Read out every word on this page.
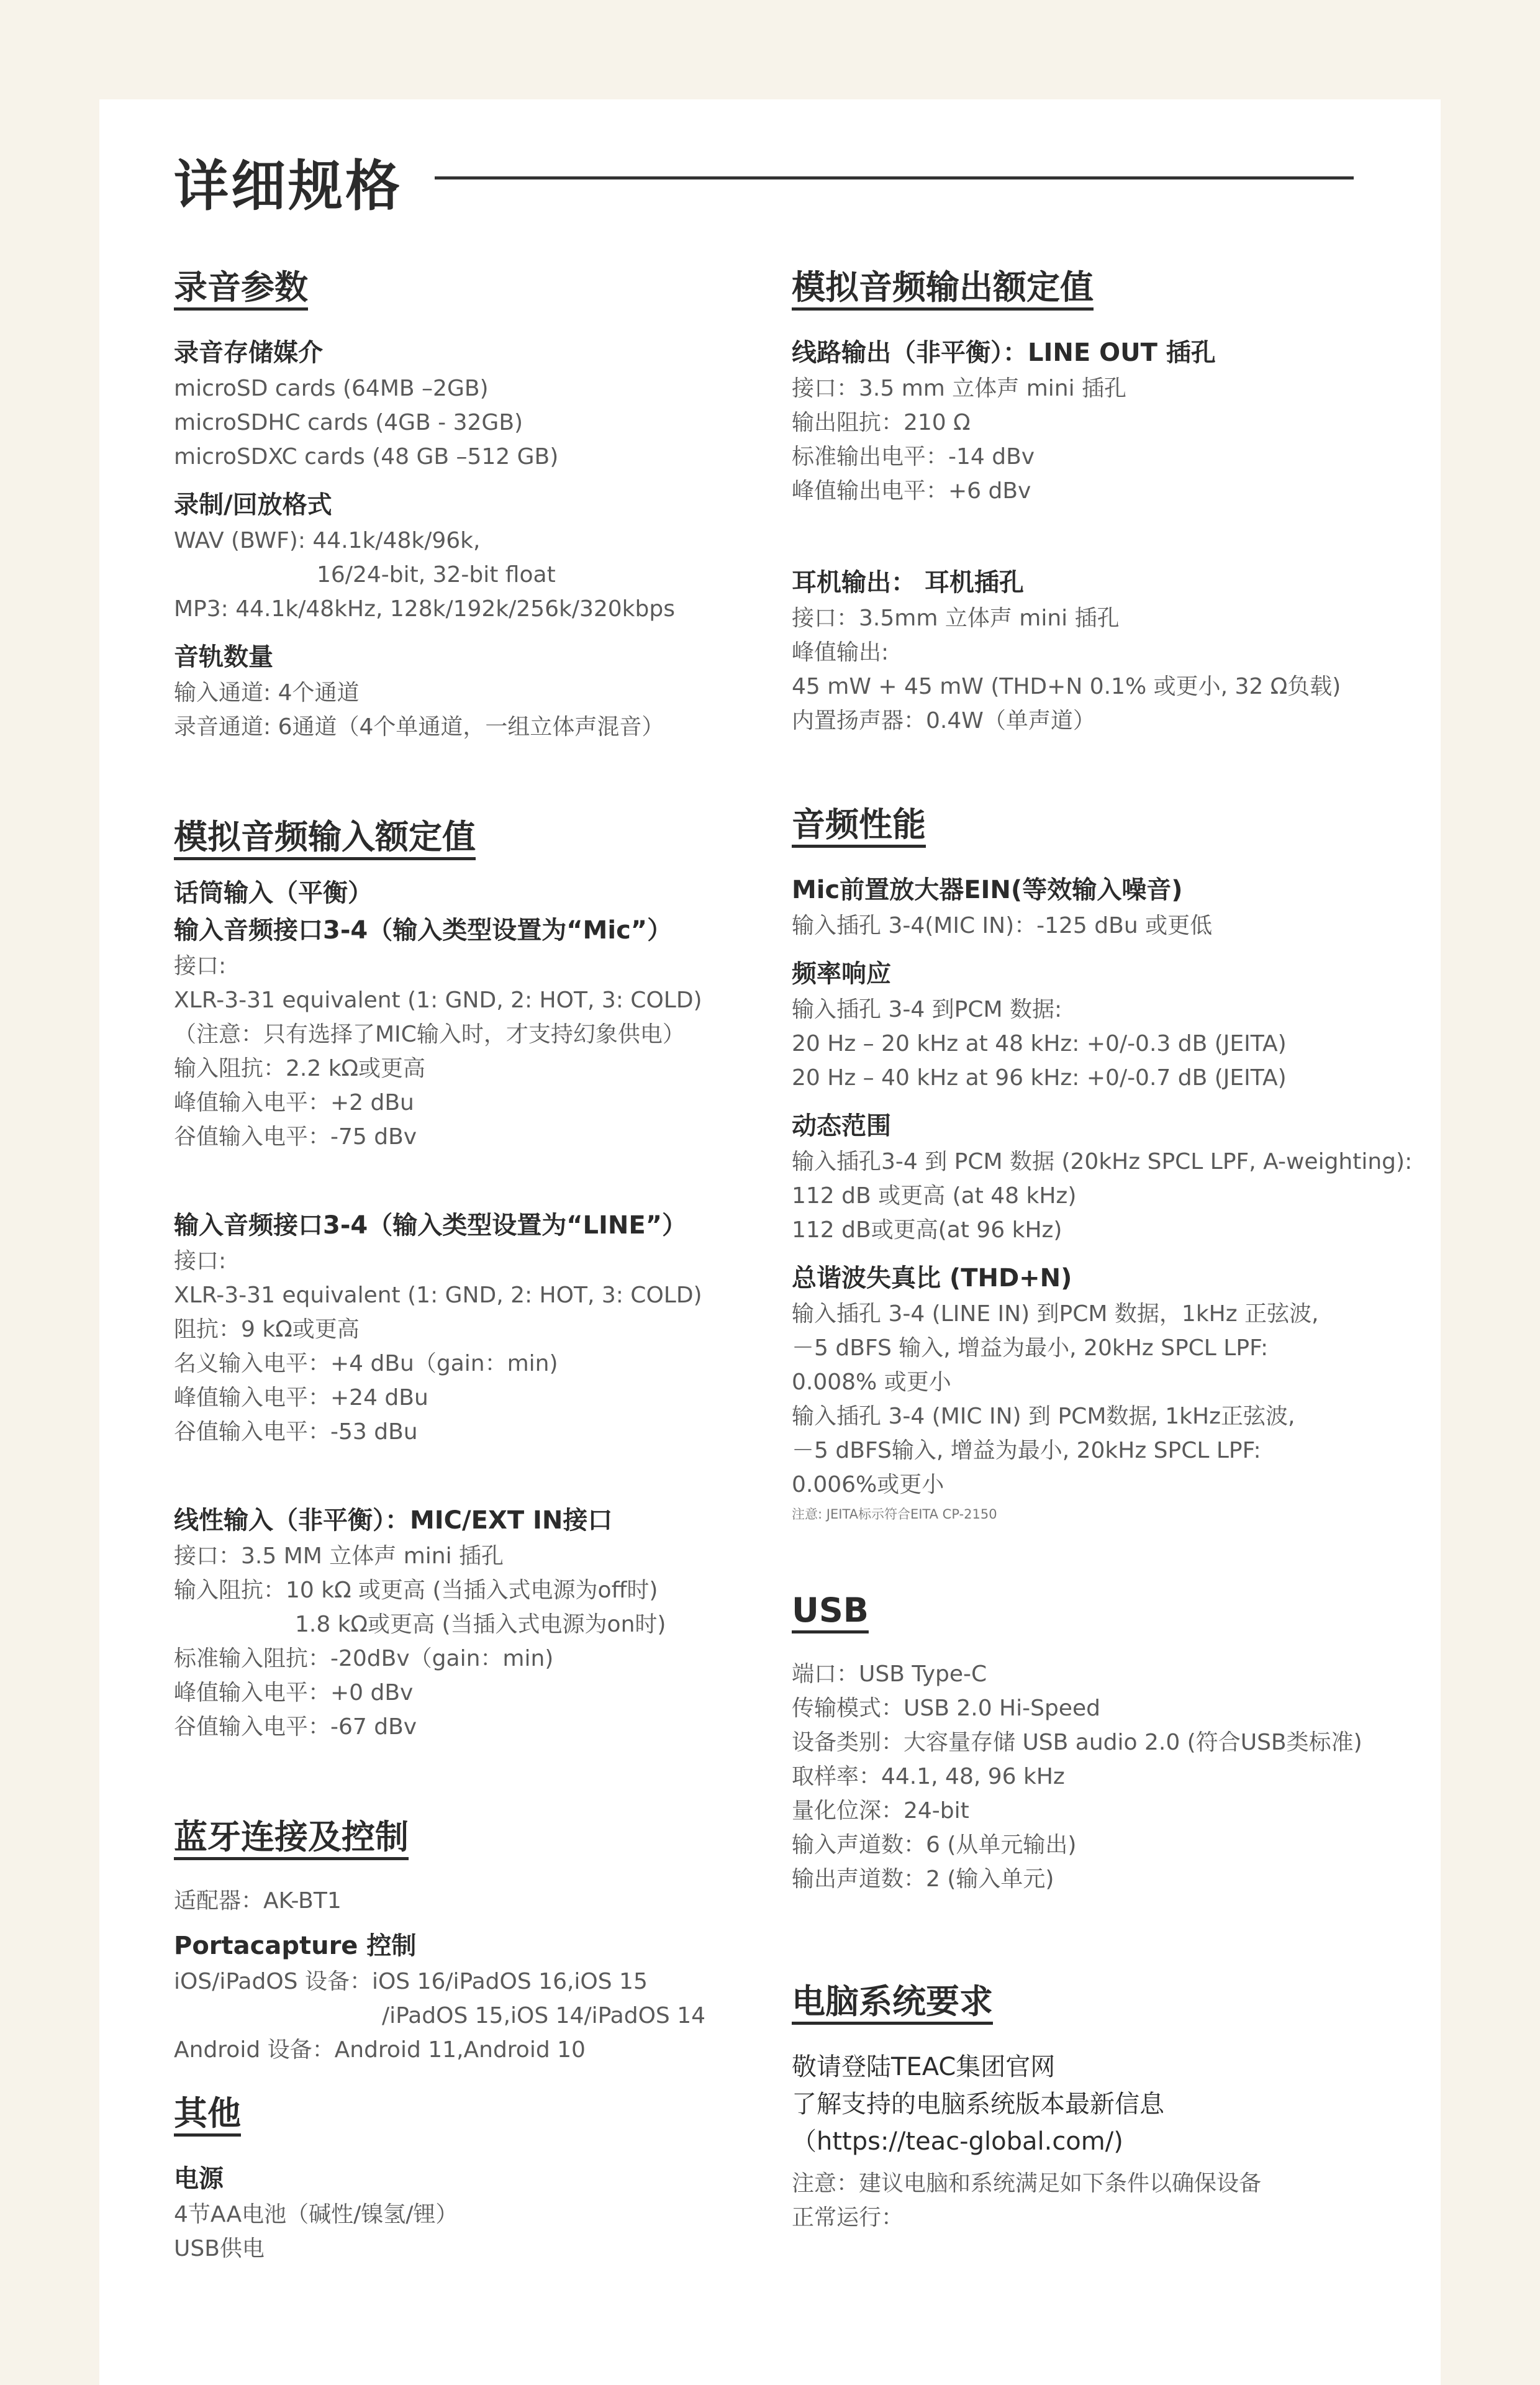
详细规格
录音参数
录音存储媒介
microSD cards (64MB –2GB)
microSDHC cards (4GB - 32GB)
microSDXC cards (48 GB –512 GB)
录制/回放格式
WAV (BWF): 44.1k/48k/96k,
16/24-bit, 32-bit float
MP3: 44.1k/48kHz, 128k/192k/256k/320kbps
音轨数量
输入通道: 4个通道
录音通道: 6通道（4个单通道，一组立体声混音）
模拟音频输入额定值
话筒输入（平衡）
输入音频接口3-4（输入类型设置为“Mic”）
接口:
XLR-3-31 equivalent (1: GND, 2: HOT, 3: COLD)
（注意：只有选择了MIC输入时，才支持幻象供电）
输入阻抗：2.2 kΩ或更高
峰值输入电平：+2 dBu
谷值输入电平：-75 dBv
输入音频接口3-4（输入类型设置为“LINE”）
接口:
XLR-3-31 equivalent (1: GND, 2: HOT, 3: COLD)
阻抗：9 kΩ或更高
名义输入电平：+4 dBu（gain：min)
峰值输入电平：+24 dBu
谷值输入电平：-53 dBu
线性输入（非平衡）：MIC/EXT IN接口
接口：3.5 MM 立体声 mini 插孔
输入阻抗：10 kΩ 或更高 (当插入式电源为off时)
1.8 kΩ或更高 (当插入式电源为on时)
标准输入阻抗：-20dBv（gain：min)
峰值输入电平：+0 dBv
谷值输入电平：-67 dBv
蓝牙连接及控制
适配器：AK-BT1
Portacapture 控制
iOS/iPadOS 设备：iOS 16/iPadOS 16,iOS 15
/iPadOS 15,iOS 14/iPadOS 14
Android 设备：Android 11,Android 10
其他
电源
4节AA电池（碱性/镍氢/锂）
USB供电
模拟音频输出额定值
线路输出（非平衡）：LINE OUT 插孔
接口：3.5 mm 立体声 mini 插孔
输出阻抗：210 Ω
标准输出电平：-14 dBv
峰值输出电平：+6 dBv
耳机输出： 耳机插孔
接口：3.5mm 立体声 mini 插孔
峰值输出:
45 mW + 45 mW (THD+N 0.1% 或更小, 32 Ω负载)
内置扬声器：0.4W（单声道）
音频性能
Mic前置放大器EIN(等效输入噪音)
输入插孔 3-4(MIC IN)：-125 dBu 或更低
频率响应
输入插孔 3-4 到PCM 数据:
20 Hz – 20 kHz at 48 kHz: +0/-0.3 dB (JEITA)
20 Hz – 40 kHz at 96 kHz: +0/-0.7 dB (JEITA)
动态范围
输入插孔3-4 到 PCM 数据 (20kHz SPCL LPF, A-weighting):
112 dB 或更高 (at 48 kHz)
112 dB或更高(at 96 kHz)
总谐波失真比 (THD+N)
输入插孔 3-4 (LINE IN) 到PCM 数据，1kHz 正弦波,
－5 dBFS 输入, 增益为最小, 20kHz SPCL LPF:
0.008% 或更小
输入插孔 3-4 (MIC IN) 到 PCM数据, 1kHz正弦波,
－5 dBFS输入, 增益为最小, 20kHz SPCL LPF:
0.006%或更小
注意: JEITA标示符合EITA CP-2150
USB
端口：USB Type-C
传输模式：USB 2.0 Hi-Speed
设备类别：大容量存储 USB audio 2.0 (符合USB类标准)
取样率：44.1, 48, 96 kHz
量化位深：24-bit
输入声道数：6 (从单元输出)
输出声道数：2 (输入单元)
电脑系统要求
敬请登陆TEAC集团官网
了解支持的电脑系统版本最新信息
（https://teac-global.com/)
注意：建议电脑和系统满足如下条件以确保设备
正常运行：
